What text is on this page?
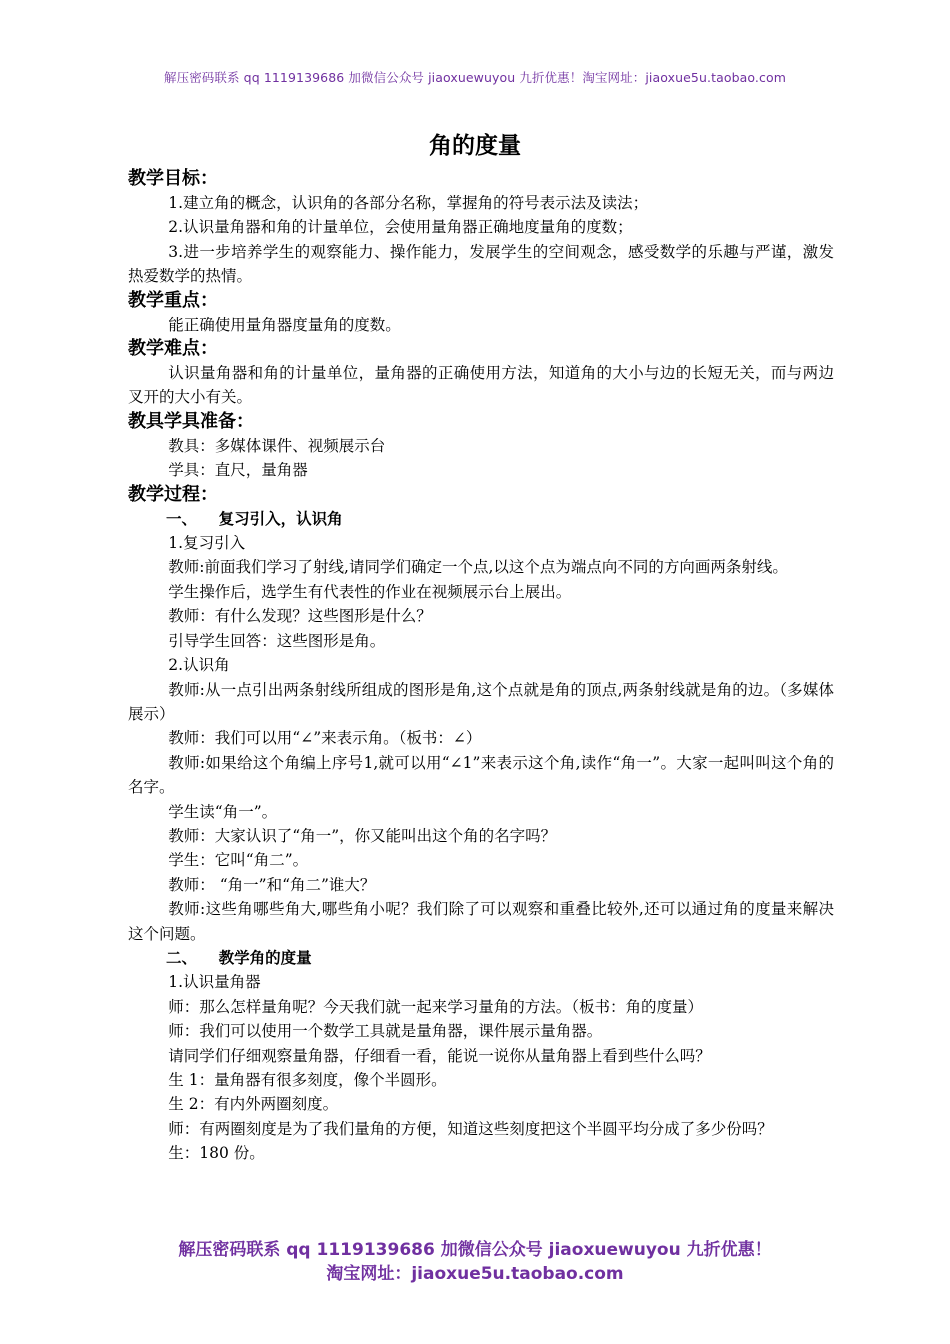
解压密码联系 qq 1119139686 加微信公众号 jiaoxuewuyou 九折优惠！淘宝网址：jiaoxue5u.taobao.com
角的度量
教学目标：
1.建立角的概念，认识角的各部分名称，掌握角的符号表示法及读法；
2.认识量角器和角的计量单位，会使用量角器正确地度量角的度数；
3.进一步培养学生的观察能力、操作能力，发展学生的空间观念，感受数学的乐趣与严谨，激发热爱数学的热情。
教学重点：
能正确使用量角器度量角的度数。
教学难点：
认识量角器和角的计量单位，量角器的正确使用方法，知道角的大小与边的长短无关，而与两边叉开的大小有关。
教具学具准备：
教具：多媒体课件、视频展示台
学具：直尺，量角器
教学过程：
一、    复习引入，认识角
1.复习引入
教师:前面我们学习了射线,请同学们确定一个点,以这个点为端点向不同的方向画两条射线。
学生操作后，选学生有代表性的作业在视频展示台上展出。
教师：有什么发现？这些图形是什么？
引导学生回答：这些图形是角。
2.认识角
教师:从一点引出两条射线所组成的图形是角,这个点就是角的顶点,两条射线就是角的边。（多媒体展示）
教师：我们可以用“∠”来表示角。（板书：∠）
教师:如果给这个角编上序号1,就可以用“∠1”来表示这个角,读作“角一”。大家一起叫叫这个角的名字。
学生读“角一”。
教师：大家认识了“角一”，你又能叫出这个角的名字吗？
学生：它叫“角二”。
教师： “角一”和“角二”谁大？
教师:这些角哪些角大,哪些角小呢？我们除了可以观察和重叠比较外,还可以通过角的度量来解决这个问题。
二、    教学角的度量
1.认识量角器
师：那么怎样量角呢？今天我们就一起来学习量角的方法。（板书：角的度量）
师：我们可以使用一个数学工具就是量角器，课件展示量角器。
请同学们仔细观察量角器，仔细看一看，能说一说你从量角器上看到些什么吗？
生 1：量角器有很多刻度，像个半圆形。
生 2：有内外两圈刻度。
师：有两圈刻度是为了我们量角的方便，知道这些刻度把这个半圆平均分成了多少份吗？
生：180 份。
解压密码联系 qq 1119139686 加微信公众号 jiaoxuewuyou 九折优惠！
淘宝网址：jiaoxue5u.taobao.com
